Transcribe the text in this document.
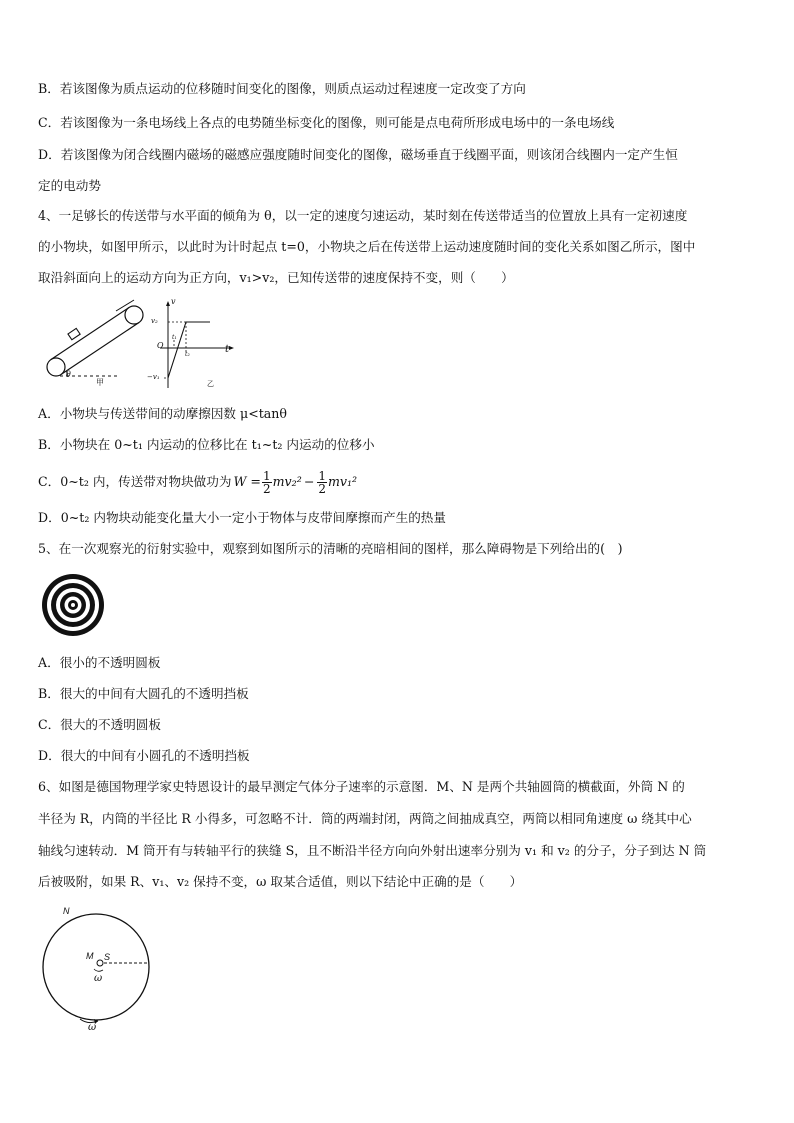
B．若该图像为质点运动的位移随时间变化的图像，则质点运动过程速度一定改变了方向
C．若该图像为一条电场线上各点的电势随坐标变化的图像，则可能是点电荷所形成电场中的一条电场线
D．若该图像为闭合线圈内磁场的磁感应强度随时间变化的图像，磁场垂直于线圈平面，则该闭合线圈内一定产生恒
定的电动势
4、一足够长的传送带与水平面的倾角为 θ，以一定的速度匀速运动，某时刻在传送带适当的位置放上具有一定初速度
的小物块，如图甲所示，以此时为计时起点 t=0，小物块之后在传送带上运动速度随时间的变化关系如图乙所示，图中
取沿斜面向上的运动方向为正方向，v₁>v₂，已知传送带的速度保持不变，则（　　）
θ
甲
v
t
v₂
O
t₁
t₂
−v₁
乙
A．小物块与传送带间的动摩擦因数 μ<tanθ
B．小物块在 0~t₁ 内运动的位移比在 t₁~t₂ 内运动的位移小
C．0~t₂ 内，传送带对物块做功为 $W = \frac{1}{2} mv_2^2 - \frac{1}{2} mv_1^2$
D．0~t₂ 内物块动能变化量大小一定小于物体与皮带间摩擦而产生的热量
5、在一次观察光的衍射实验中，观察到如图所示的清晰的亮暗相间的图样，那么障碍物是下列给出的(　)
A．很小的不透明圆板
B．很大的中间有大圆孔的不透明挡板
C．很大的不透明圆板
D．很大的中间有小圆孔的不透明挡板
6、如图是德国物理学家史特恩设计的最早测定气体分子速率的示意图．M、N 是两个共轴圆筒的横截面，外筒 N 的
半径为 R，内筒的半径比 R 小得多，可忽略不计．筒的两端封闭，两筒之间抽成真空，两筒以相同角速度 ω 绕其中心
轴线匀速转动．M 筒开有与转轴平行的狭缝 S，且不断沿半径方向向外射出速率分别为 v₁ 和 v₂ 的分子，分子到达 N 筒
后被吸附，如果 R、v₁、v₂ 保持不变，ω 取某合适值，则以下结论中正确的是（　　）
N
M S
ω
ω
